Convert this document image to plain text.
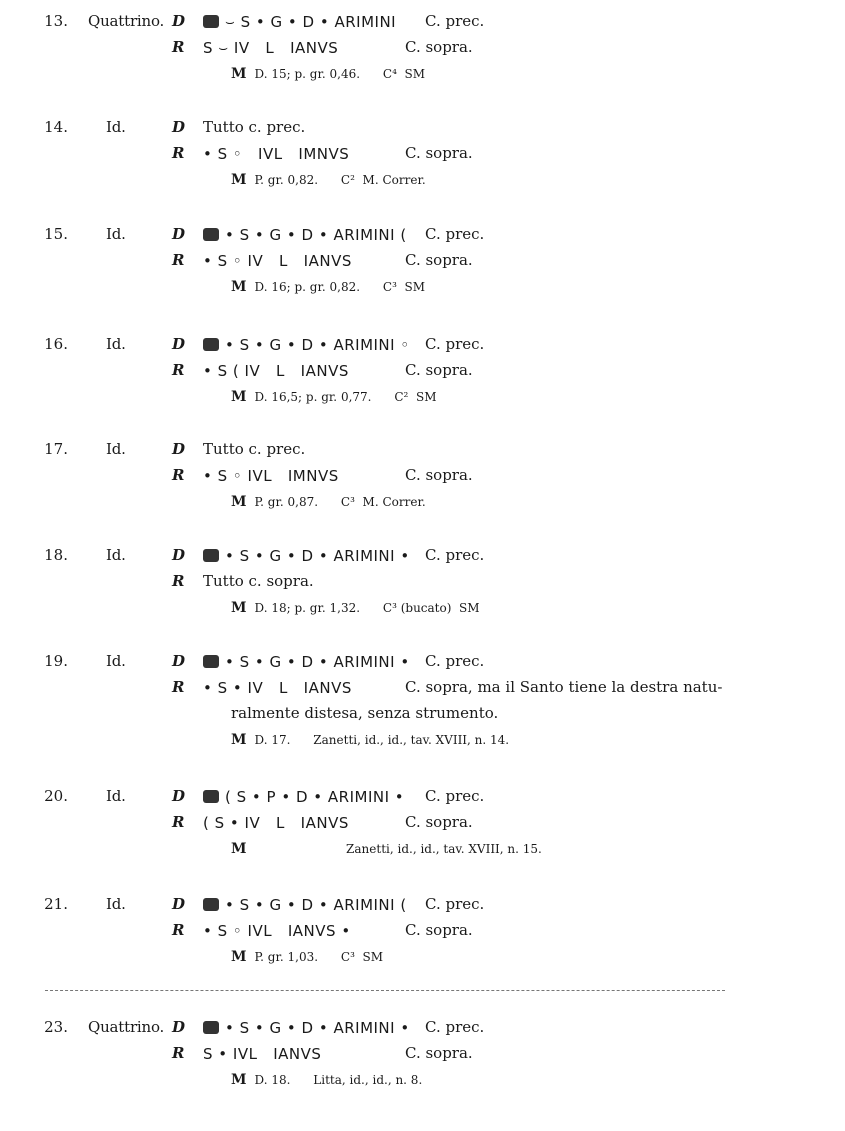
13. Quattrino. D	⌣ S • G • D • ARIΜIΝI C. prec.
R S ⌣ IV   L   IANVS	C. sopra.
M D. 15; p. gr. 0,46.      C⁴  SM
14.	Id.	D Tutto c. prec.
R • S ◦   IVL   IΜΝVS	C. sopra.
M P. gr. 0,82.      C²  M. Correr.
15.	Id.	D	• S • G • D • ARIΜIΝI ( C. prec.
R • S ◦ IV   L   IANVS	C. sopra.
M D. 16; p. gr. 0,82.      C³  SM
16.	Id.	D	• S • G • D • ARIΜIΝI ◦ C. prec.
R • S ( IV   L   IANVS	C. sopra.
M D. 16,5; p. gr. 0,77.      C²  SM
17.	Id.	D Tutto c. prec.
R • S ◦ IVL   IΜΝVS	C. sopra.
M P. gr. 0,87.      C³  M. Correr.
18.	Id.	D	• S • G • D • ARIΜIΝI • C. prec.
R Tutto c. sopra.
M D. 18; p. gr. 1,32.      C³ (bucato)  SM
19.	Id.	D	• S • G • D • ARIΜIΝI • C. prec.
R • S • IV   L   IANVS	C. sopra, ma il Santo tiene la destra natu-
ralmente distesa, senza strumento.
M D. 17.      Zanetti, id., id., tav. XVIII, n. 14.
20.	Id.	D	( S • P • D • ARIΜIΝI • C. prec.
R ( S • IV   L   IANVS	C. sopra.
M                        Zanetti, id., id., tav. XVIII, n. 15.
21.	Id.	D	• S • G • D • ARIΜIΝI ( C. prec.
R • S ◦ IVL   IANVS •	C. sopra.
M P. gr. 1,03.      C³  SM
23. Quattrino. D	• S • G • D • ARIΜIΝI • C. prec.
R S • IVL   IANVS	C. sopra.
M D. 18.      Litta, id., id., n. 8.
